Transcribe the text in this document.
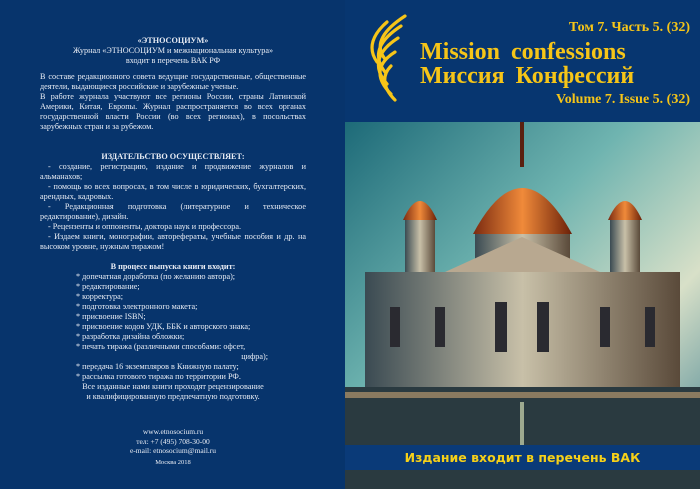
«ЭТНОСОЦИУМ»
Журнал «ЭТНОСОЦИУМ и межнациональная культура»
входит в перечень ВАК РФ
В составе редакционного совета ведущие государственные, общественные деятели, выдающиеся российские и зарубежные ученые.
В работе журнала участвуют все регионы России, страны Латинской Америки, Китая, Европы. Журнал распространяется во всех органах государственной власти России (во всех регионах), в посольствах зарубежных стран и за рубежом.
ИЗДАТЕЛЬСТВО ОСУЩЕСТВЛЯЕТ:
- создание, регистрацию, издание и продвижение журналов и альманахов;
- помощь во всех вопросах, в том числе в юридических, бухгалтерских, арендных, кадровых.
- Редакционная подготовка (литературное и техническое редактирование), дизайн.
- Рецензенты и оппоненты, доктора наук и профессора.
- Издаем книги, монографии, автореферaты, учебные пособия и др. на высоком уровне, нужным тиражом!
В процесс выпуска книги входит:
* допечатная доработка (по желанию автора);
* редактирование;
* корректура;
* подготовка электронного макета;
* присвоение ISBN;
* присвоение кодов УДК, ББК и авторского знака;
* разработка дизайна обложки;
* печать тиража (различными способами: офсет,
цифра);
* передача 16 экземпляров в Книжную палату;
* рассылка готового тиража по территории РФ.
Все изданные нами книги проходят рецензирование
и квалифицированную предпечатную подготовку.
www.etnosocium.ru
тел: +7 (495) 708-30-00
e-mail: etnosocium@mail.ru
Москва 2018
Том 7. Часть 5. (32)
Mission confessions
Миссия Конфессий
Volume 7. Issue 5. (32)
Издание входит в перечень ВАК
